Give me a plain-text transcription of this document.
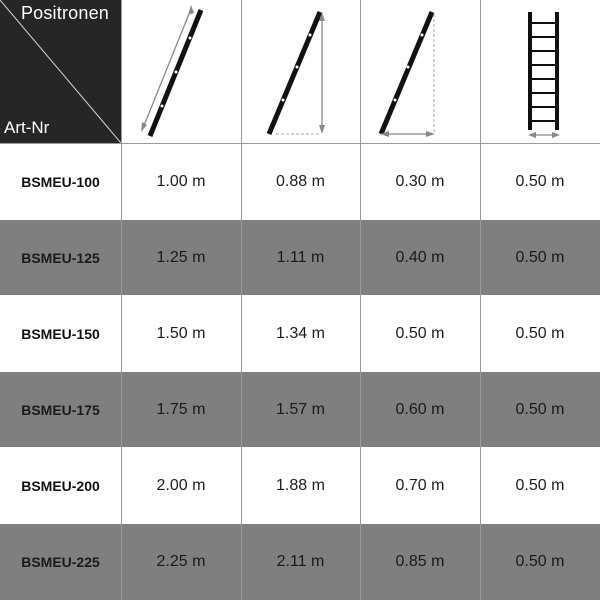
Positronen
Art-Nr
BSMEU-100	1.00 m	0.88 m	0.30 m	0.50 m
BSMEU-125	1.25 m	1.11 m	0.40 m	0.50 m
BSMEU-150	1.50 m	1.34 m	0.50 m	0.50 m
BSMEU-175	1.75 m	1.57 m	0.60 m	0.50 m
BSMEU-200	2.00 m	1.88 m	0.70 m	0.50 m
BSMEU-225	2.25 m	2.11 m	0.85 m	0.50 m
